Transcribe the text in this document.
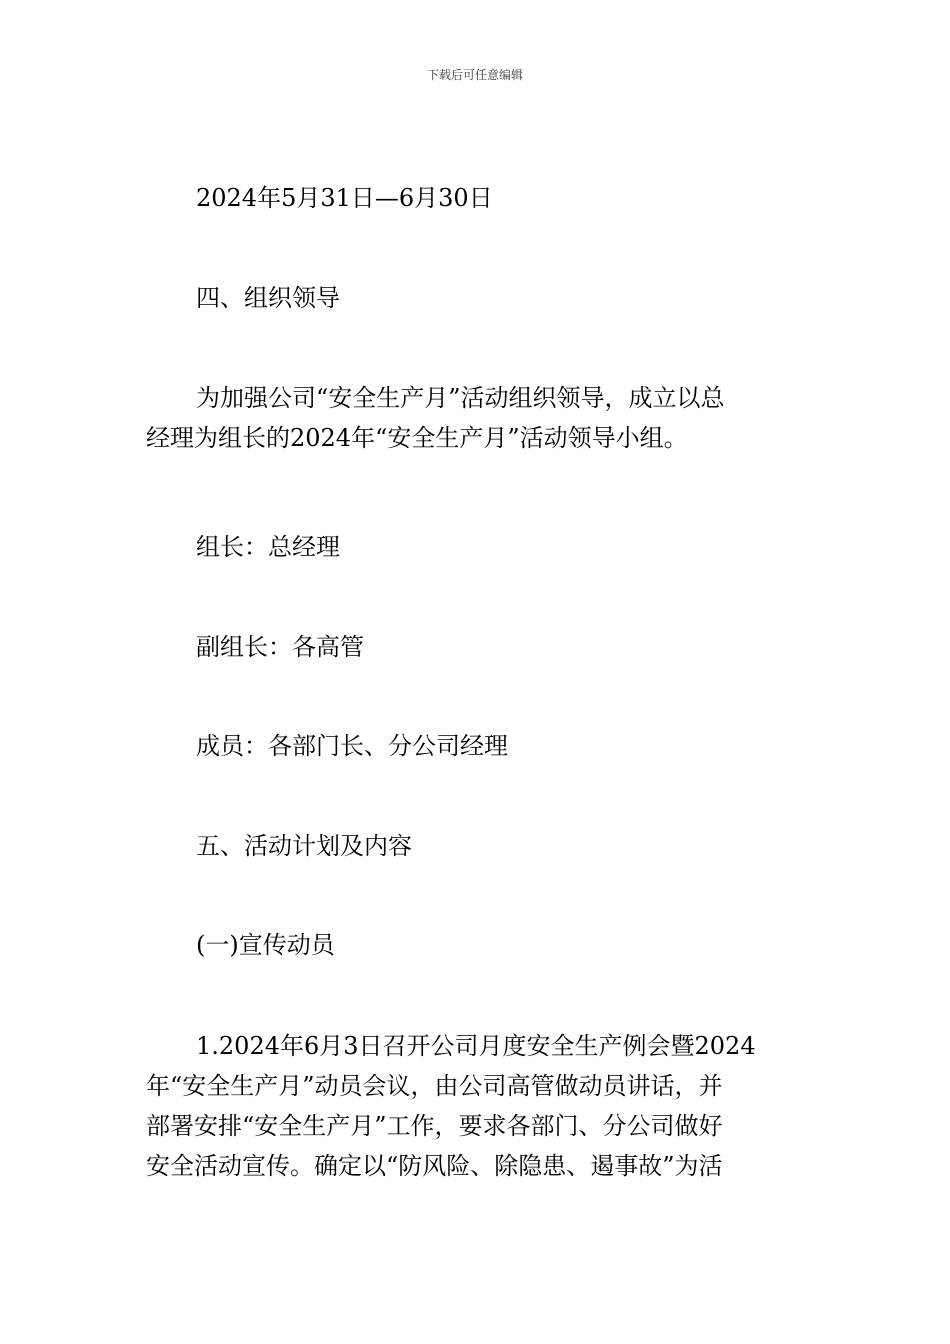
下载后可任意编辑

2024年5月31日—6月30日

四、组织领导

为加强公司“安全生产月”活动组织领导，成立以总
经理为组长的2024年“安全生产月”活动领导小组。

组长：总经理

副组长：各高管

成员：各部门长、分公司经理

五、活动计划及内容

(一)宣传动员

1.2024年6月3日召开公司月度安全生产例会暨2024
年“安全生产月”动员会议，由公司高管做动员讲话，并
部署安排“安全生产月”工作，要求各部门、分公司做好
安全活动宣传。确定以“防风险、除隐患、遏事故”为活
